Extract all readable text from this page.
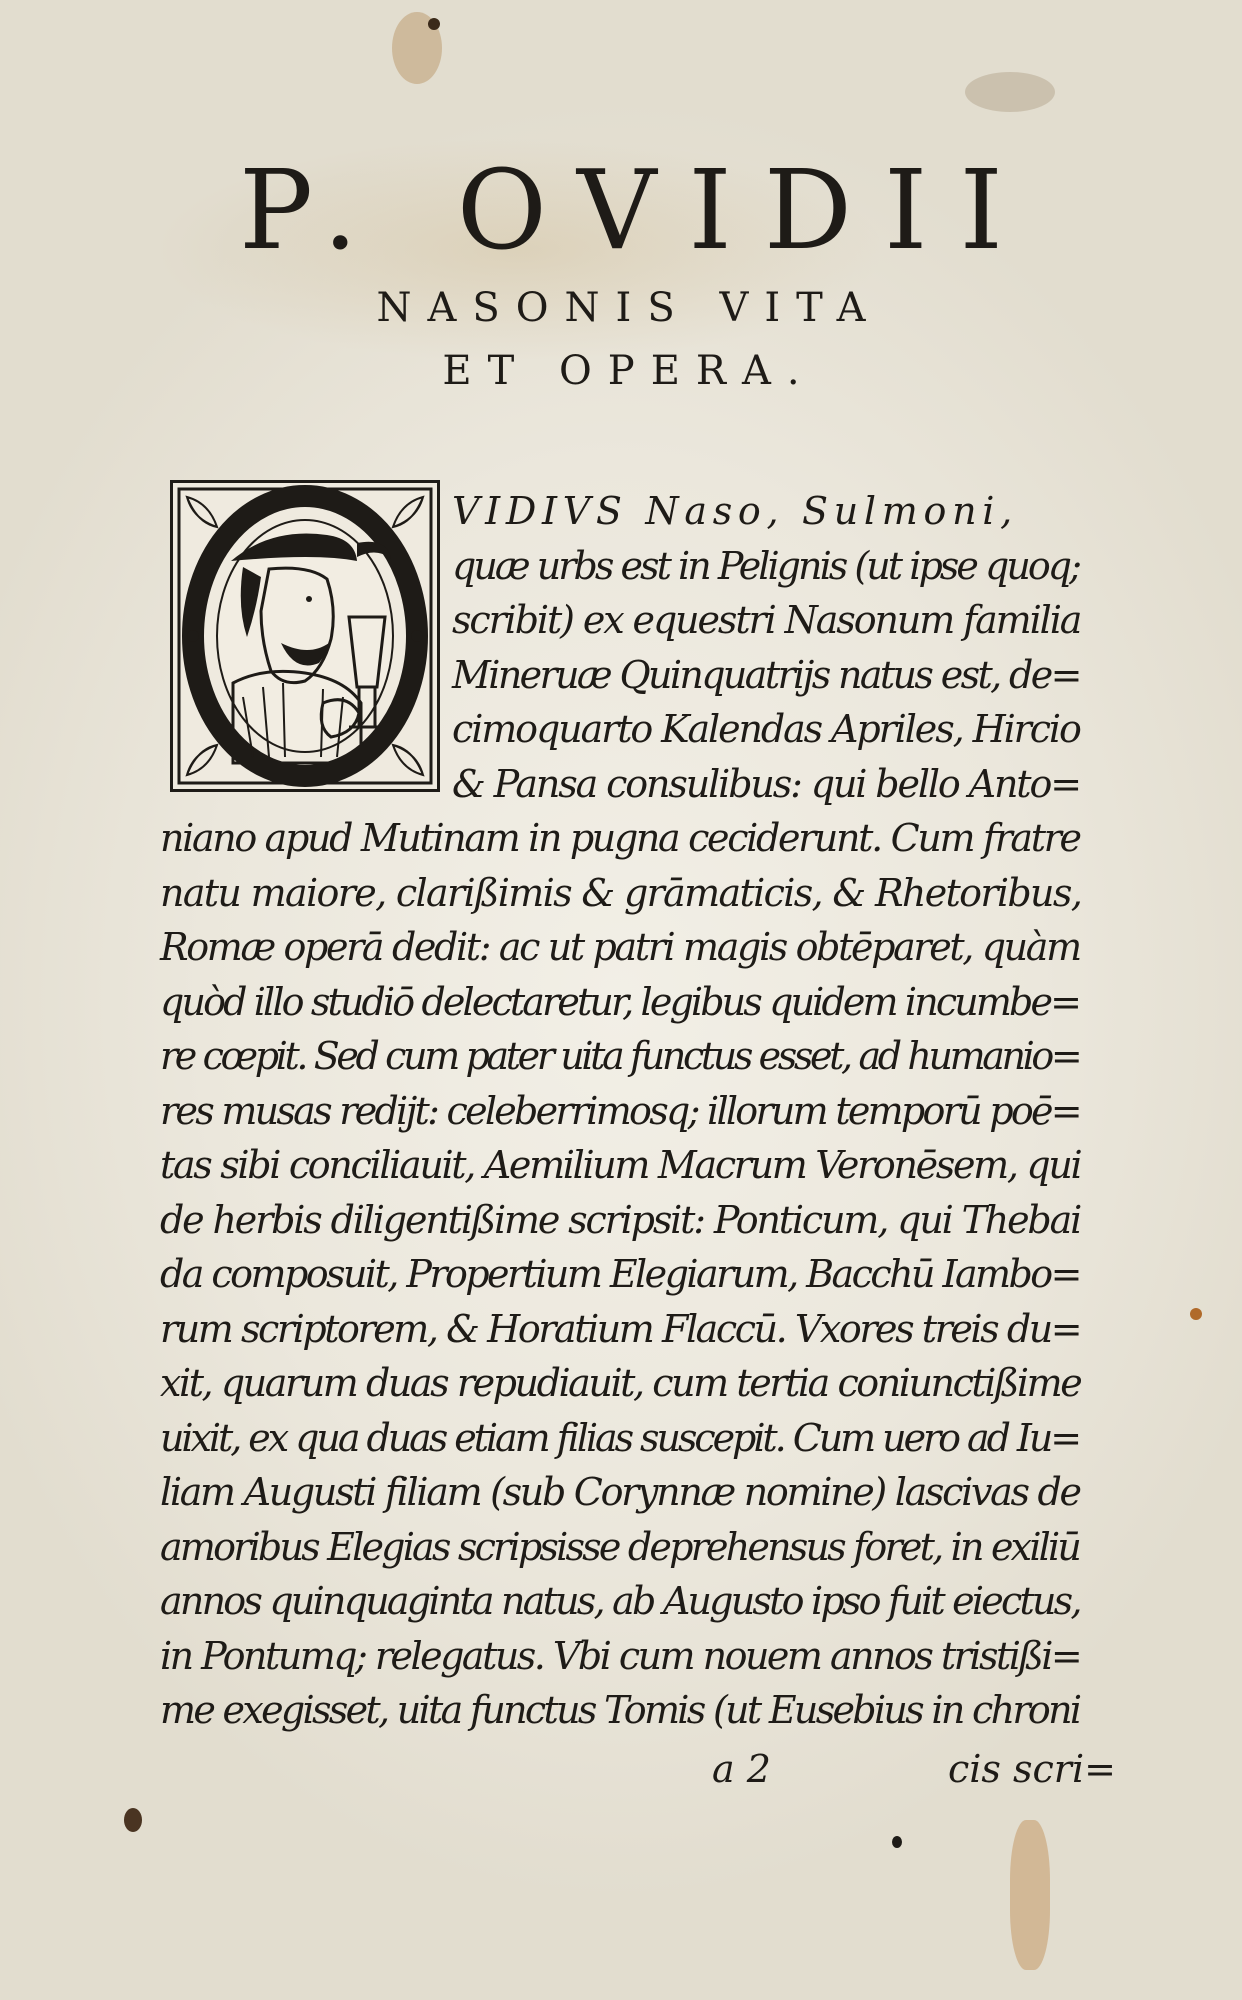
P. OVIDII
NASONIS VITA
ET OPERA.
VIDIVS Naso, Sulmoni,
quæ urbs est in Pelignis (ut ipse quoq;
scribit) ex equestri Nasonum familia
Mineruæ Quinquatrijs natus est, de=
cimoquarto Kalendas Apriles, Hircio
& Pansa consulibus: qui bello Anto=
niano apud Mutinam in pugna ceciderunt. Cum fratre
natu maiore, clarißimis & grāmaticis, & Rhetoribus,
Romæ operā dedit: ac ut patri magis obtēparet, quàm
quòd illo studiō delectaretur, legibus quidem incumbe=
re cœpit. Sed cum pater uita functus esset, ad humanio=
res musas redijt: celeberrimosq; illorum temporū poē=
tas sibi conciliauit, Aemilium Macrum Veronēsem, qui
de herbis diligentißime scripsit: Ponticum, qui Thebai
da composuit, Propertium Elegiarum, Bacchū Iambo=
rum scriptorem, & Horatium Flaccū. Vxores treis du=
xit, quarum duas repudiauit, cum tertia coniunctißime
uixit, ex qua duas etiam filias suscepit. Cum uero ad Iu=
liam Augusti filiam (sub Corynnæ nomine) lascivas de
amoribus Elegias scripsisse deprehensus foret, in exiliū
annos quinquaginta natus, ab Augusto ipso fuit eiectus,
in Pontumq; relegatus. Vbi cum nouem annos tristißi=
me exegisset, uita functus Tomis (ut Eusebius in chroni
a 2	cis scri=
